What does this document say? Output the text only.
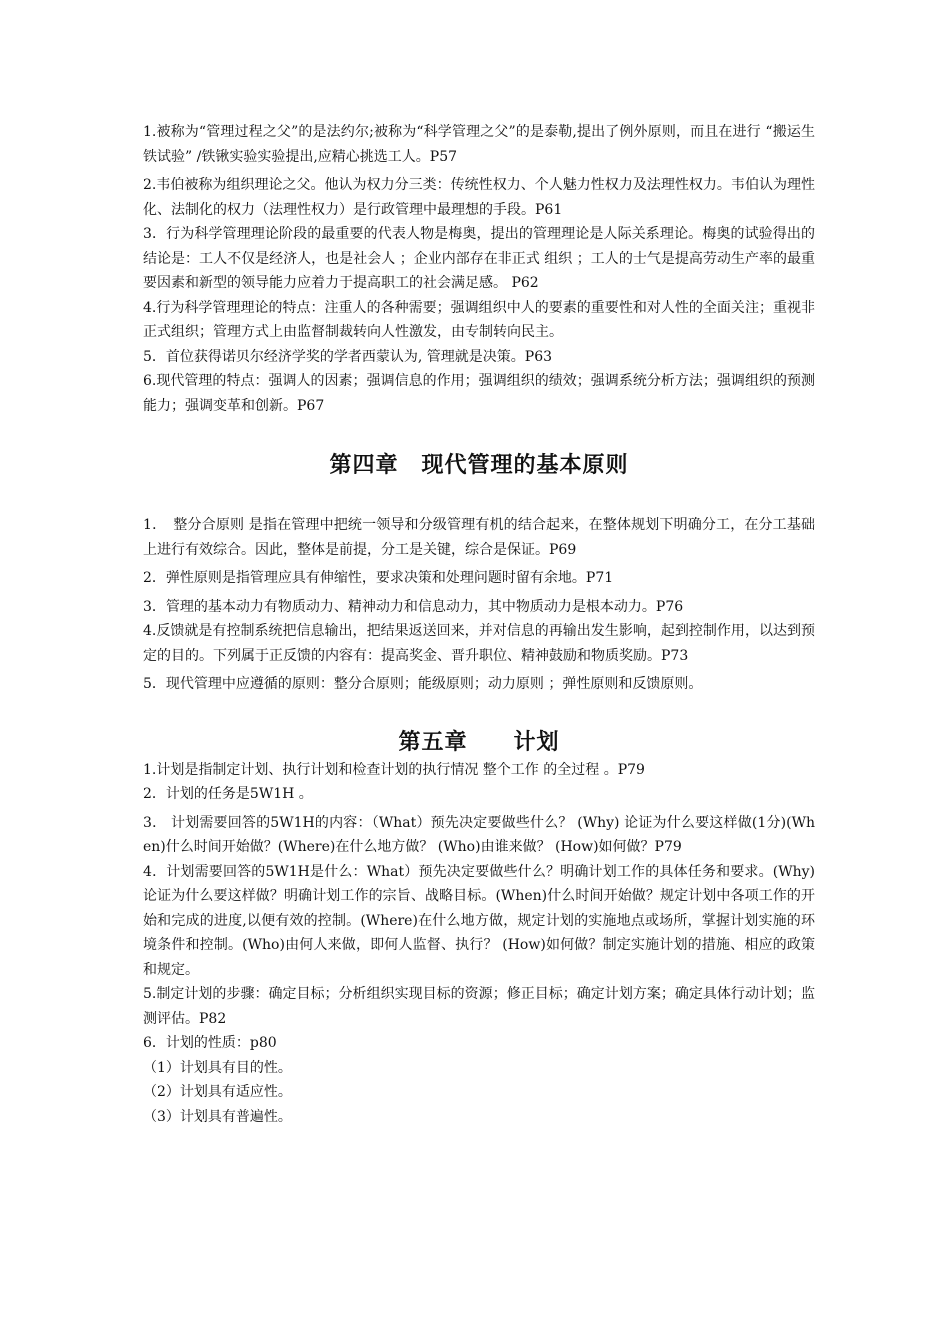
1.被称为“管理过程之父”的是法约尔;被称为“科学管理之父”的是泰勒,提出了例外原则，而且在进行 “搬运生铁试验” /铁锹实验实验提出,应精心挑选工人。P57

2.韦伯被称为组织理论之父。他认为权力分三类：传统性权力、个人魅力性权力及法理性权力。韦伯认为理性化、法制化的权力（法理性权力）是行政管理中最理想的手段。P61

3．行为科学管理理论阶段的最重要的代表人物是梅奥，提出的管理理论是人际关系理论。梅奥的试验得出的结论是：工人不仅是经济人，也是社会人 ；企业内部存在非正式 组织 ；工人的士气是提高劳动生产率的最重要因素和新型的领导能力应着力于提高职工的社会满足感。 P62

4.行为科学管理理论的特点：注重人的各种需要；强调组织中人的要素的重要性和对人性的全面关注；重视非正式组织；管理方式上由监督制裁转向人性激发，由专制转向民主。

5．首位获得诺贝尔经济学奖的学者西蒙认为, 管理就是决策。P63

6.现代管理的特点：强调人的因素；强调信息的作用；强调组织的绩效；强调系统分析方法；强调组织的预测能力；强调变革和创新。P67

第四章　现代管理的基本原则

1．　整分合原则 是指在管理中把统一领导和分级管理有机的结合起来，在整体规划下明确分工，在分工基础上进行有效综合。因此，整体是前提，分工是关键，综合是保证。P69

2．弹性原则是指管理应具有伸缩性，要求决策和处理问题时留有余地。P71

3．管理的基本动力有物质动力、精神动力和信息动力，其中物质动力是根本动力。P76

4.反馈就是有控制系统把信息输出，把结果返送回来，并对信息的再输出发生影响，起到控制作用，以达到预定的目的。下列属于正反馈的内容有：提高奖金、晋升职位、精神鼓励和物质奖励。P73

5．现代管理中应遵循的原则：整分合原则；能级原则；动力原则 ；弹性原则和反馈原则。

第五章　　计划

1.计划是指制定计划、执行计划和检查计划的执行情况 整个工作 的全过程 。P79

2．计划的任务是5W1H 。

3． 计划需要回答的5W1H的内容：（What）预先决定要做些什么？ (Why) 论证为什么要这样做(1分)(When)什么时间开始做？(Where)在什么地方做？ (Who)由谁来做？ (How)如何做？P79

4．计划需要回答的5W1H是什么：What）预先决定要做些什么？明确计划工作的具体任务和要求。(Why) 论证为什么要这样做？明确计划工作的宗旨、战略目标。(When)什么时间开始做？规定计划中各项工作的开始和完成的进度,以便有效的控制。(Where)在什么地方做，规定计划的实施地点或场所，掌握计划实施的环境条件和控制。(Who)由何人来做，即何人监督、执行？ (How)如何做？制定实施计划的措施、相应的政策和规定。

5.制定计划的步骤：确定目标；分析组织实现目标的资源；修正目标；确定计划方案；确定具体行动计划；监测评估。P82

6．计划的性质：p80

（1）计划具有目的性。

（2）计划具有适应性。

（3）计划具有普遍性。
